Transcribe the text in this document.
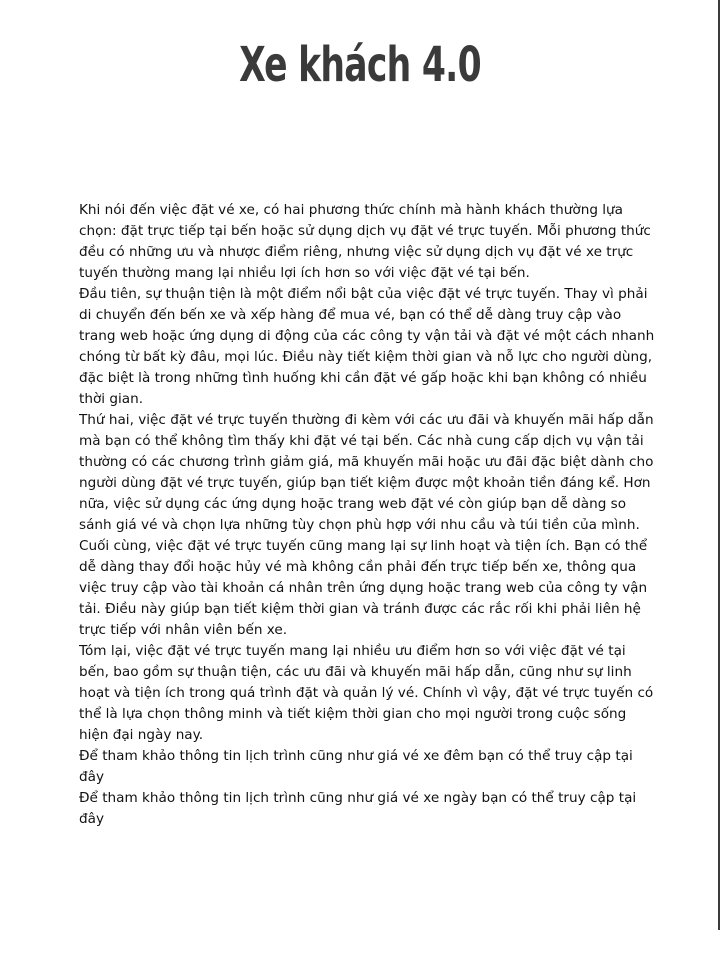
Xe khách 4.0

Khi nói đến việc đặt vé xe, có hai phương thức chính mà hành khách thường lựa chọn: đặt trực tiếp tại bến hoặc sử dụng dịch vụ đặt vé trực tuyến. Mỗi phương thức đều có những ưu và nhược điểm riêng, nhưng việc sử dụng dịch vụ đặt vé xe trực tuyến thường mang lại nhiều lợi ích hơn so với việc đặt vé tại bến.

Đầu tiên, sự thuận tiện là một điểm nổi bật của việc đặt vé trực tuyến. Thay vì phải di chuyển đến bến xe và xếp hàng để mua vé, bạn có thể dễ dàng truy cập vào trang web hoặc ứng dụng di động của các công ty vận tải và đặt vé một cách nhanh chóng từ bất kỳ đâu, mọi lúc. Điều này tiết kiệm thời gian và nỗ lực cho người dùng, đặc biệt là trong những tình huống khi cần đặt vé gấp hoặc khi bạn không có nhiều thời gian.

Thứ hai, việc đặt vé trực tuyến thường đi kèm với các ưu đãi và khuyến mãi hấp dẫn mà bạn có thể không tìm thấy khi đặt vé tại bến. Các nhà cung cấp dịch vụ vận tải thường có các chương trình giảm giá, mã khuyến mãi hoặc ưu đãi đặc biệt dành cho người dùng đặt vé trực tuyến, giúp bạn tiết kiệm được một khoản tiền đáng kể. Hơn nữa, việc sử dụng các ứng dụng hoặc trang web đặt vé còn giúp bạn dễ dàng so sánh giá vé và chọn lựa những tùy chọn phù hợp với nhu cầu và túi tiền của mình.

Cuối cùng, việc đặt vé trực tuyến cũng mang lại sự linh hoạt và tiện ích. Bạn có thể dễ dàng thay đổi hoặc hủy vé mà không cần phải đến trực tiếp bến xe, thông qua việc truy cập vào tài khoản cá nhân trên ứng dụng hoặc trang web của công ty vận tải. Điều này giúp bạn tiết kiệm thời gian và tránh được các rắc rối khi phải liên hệ trực tiếp với nhân viên bến xe.

Tóm lại, việc đặt vé trực tuyến mang lại nhiều ưu điểm hơn so với việc đặt vé tại bến, bao gồm sự thuận tiện, các ưu đãi và khuyến mãi hấp dẫn, cũng như sự linh hoạt và tiện ích trong quá trình đặt và quản lý vé. Chính vì vậy, đặt vé trực tuyến có thể là lựa chọn thông minh và tiết kiệm thời gian cho mọi người trong cuộc sống hiện đại ngày nay.

Để tham khảo thông tin lịch trình cũng như giá vé xe đêm bạn có thể truy cập tại đây

Để tham khảo thông tin lịch trình cũng như giá vé xe ngày bạn có thể truy cập tại đây
